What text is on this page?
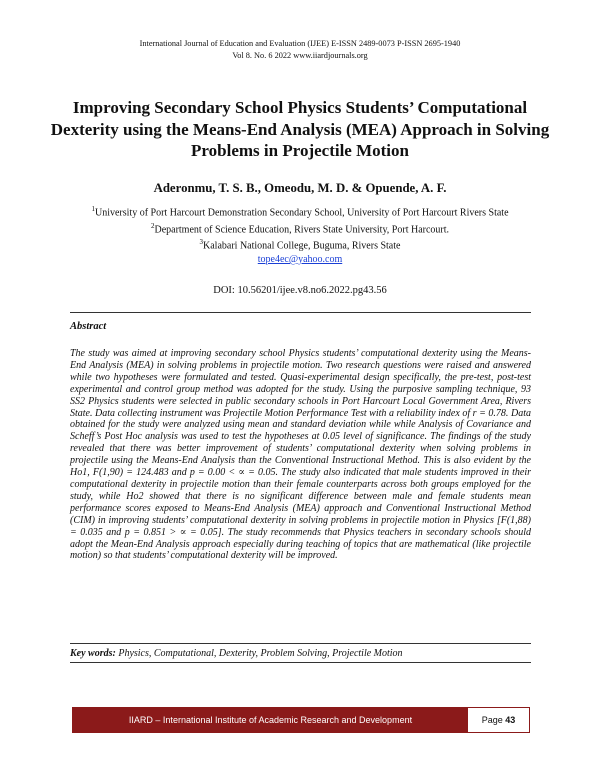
International Journal of Education and Evaluation (IJEE) E-ISSN 2489-0073 P-ISSN 2695-1940
Vol 8. No. 6 2022 www.iiardjournals.org
Improving Secondary School Physics Students’ Computational Dexterity using the Means-End Analysis (MEA) Approach in Solving Problems in Projectile Motion
Aderonmu, T. S. B., Omeodu, M. D. & Opuende, A. F.
$^1$University of Port Harcourt Demonstration Secondary School, University of Port Harcourt Rivers State
$^2$Department of Science Education, Rivers State University, Port Harcourt.
$^3$Kalabari National College, Buguma, Rivers State
tope4ec@yahoo.com
DOI: 10.56201/ijee.v8.no6.2022.pg43.56
Abstract
The study was aimed at improving secondary school Physics students’ computational dexterity using the Means-End Analysis (MEA) in solving problems in projectile motion. Two research questions were raised and answered while two hypotheses were formulated and tested. Quasi-experimental design specifically, the pre-test, post-test experimental and control group method was adopted for the study. Using the purposive sampling technique, 93 SS2 Physics students were selected in public secondary schools in Port Harcourt Local Government Area, Rivers State. Data collecting instrument was Projectile Motion Performance Test with a reliability index of r = 0.78. Data obtained for the study were analyzed using mean and standard deviation while while Analysis of Covariance and Scheff’s Post Hoc analysis was used to test the hypotheses at 0.05 level of significance. The findings of the study revealed that there was better improvement of students’ computational dexterity when solving problems in projectile using the Means-End Analysis than the Conventional Instructional Method. This is also evident by the Ho1, F(1,90) = 124.483 and p = 0.00 < ∝ = 0.05. The study also indicated that male students improved in their computational dexterity in projectile motion than their female counterparts across both groups employed for the study, while Ho2 showed that there is no significant difference between male and female students mean performance scores exposed to Means-End Analysis (MEA) approach and Conventional Instructional Method (CIM) in improving students’ computational dexterity in solving problems in projectile motion in Physics [F(1,88) = 0.035 and p = 0.851 > ∝ = 0.05]. The study recommends that Physics teachers in secondary schools should adopt the Mean-End Analysis approach especially during teaching of topics that are mathematical (like projectile motion) so that students’ computational dexterity will be improved.
Key words: Physics, Computational, Dexterity, Problem Solving, Projectile Motion
IIARD – International Institute of Academic Research and Development	Page 43
